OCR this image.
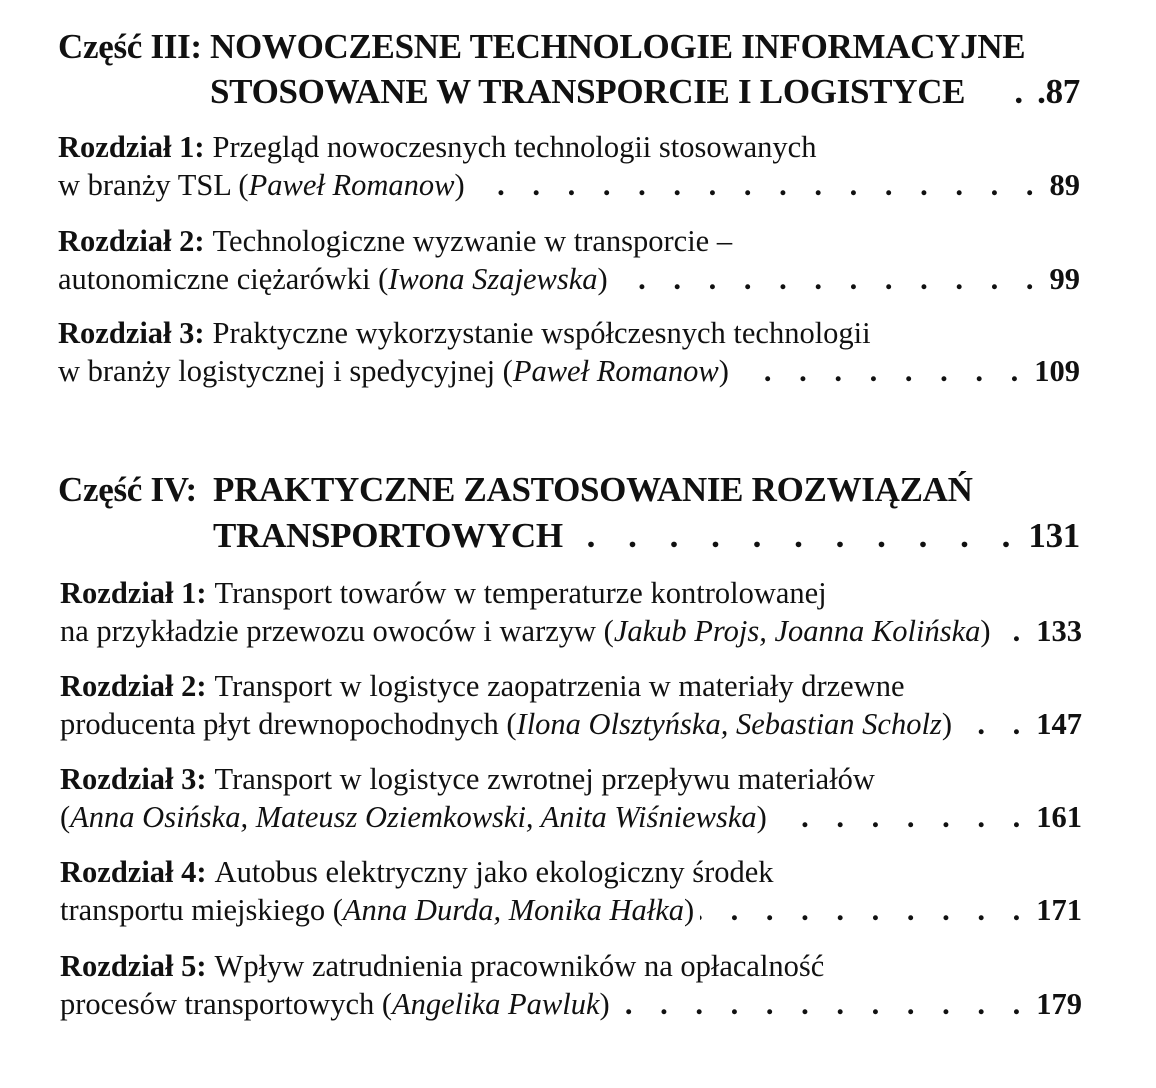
Część III: NOWOCZESNE TECHNOLOGIE INFORMACYJNE
STOSOWANE W TRANSPORCIE I LOGISTYCE . . . .87
Rozdział 1: Przegląd nowoczesnych technologii stosowanych
w branży TSL ( Paweł Romanow ) . . .	89
Rozdział 2: Technologiczne wyzwanie w transporcie –
autonomiczne ciężarówki ( Iwona Szajewska ) . . .	99
Rozdział 3: Praktyczne wykorzystanie współczesnych technologii
w branży logistycznej i spedycyjnej ( Paweł Romanow ) . . .	109
Część IV: PRAKTYCZNE ZASTOSOWANIE ROZWIĄZAŃ
TRANSPORTOWYCH . . .	131
Rozdział 1: Transport towarów w temperaturze kontrolowanej
na przykładzie przewozu owoców i warzyw ( Jakub Projs, Joanna Kolińska ) . . . 133
Rozdział 2: Transport w logistyce zaopatrzenia w materiały drzewne
producenta płyt drewnopochodnych ( Ilona Olsztyńska, Sebastian Scholz ) . . .	147
Rozdział 3: Transport w logistyce zwrotnej przepływu materiałów
( Anna Osińska, Mateusz Oziemkowski, Anita Wiśniewska ) . . .	161
Rozdział 4: Autobus elektryczny jako ekologiczny środek
transportu miejskiego ( Anna Durda, Monika Hałka ) . . .	171
Rozdział 5: Wpływ zatrudnienia pracowników na opłacalność
procesów transportowych ( Angelika Pawluk ) . . .	179
